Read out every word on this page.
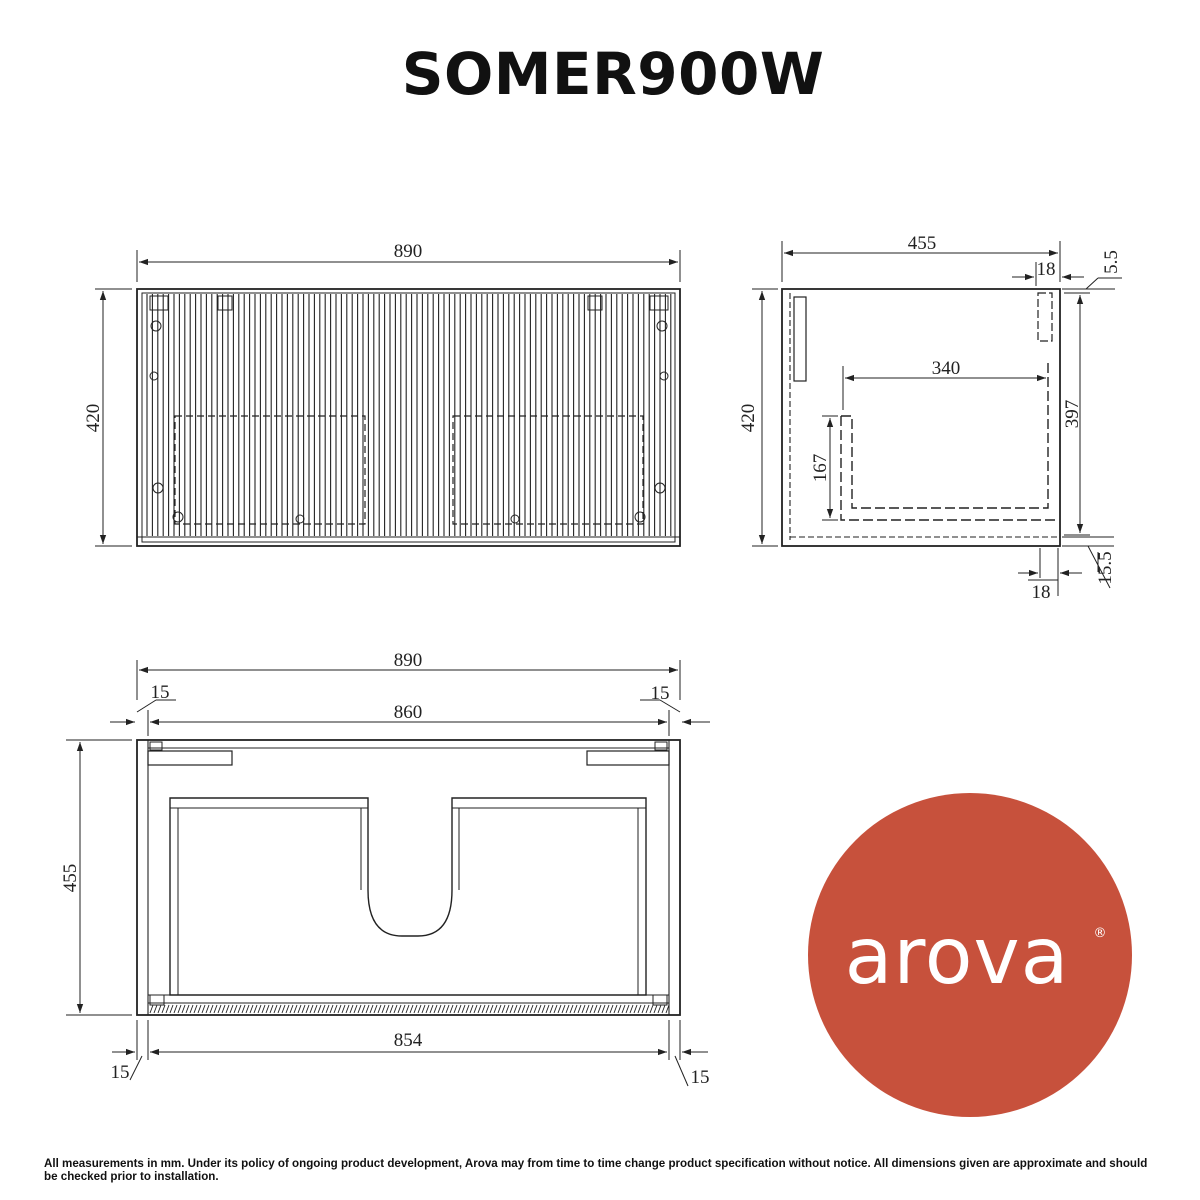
SOMER900W
890
420
455
18 5.5
340
397
420
167
18
15.5
890
15	15
860
455
854
15	15
arova ®

All measurements in mm. Under its policy of ongoing product development, Arova may from time to time change product specification without notice. All dimensions given are approximate and should be checked prior to installation.
